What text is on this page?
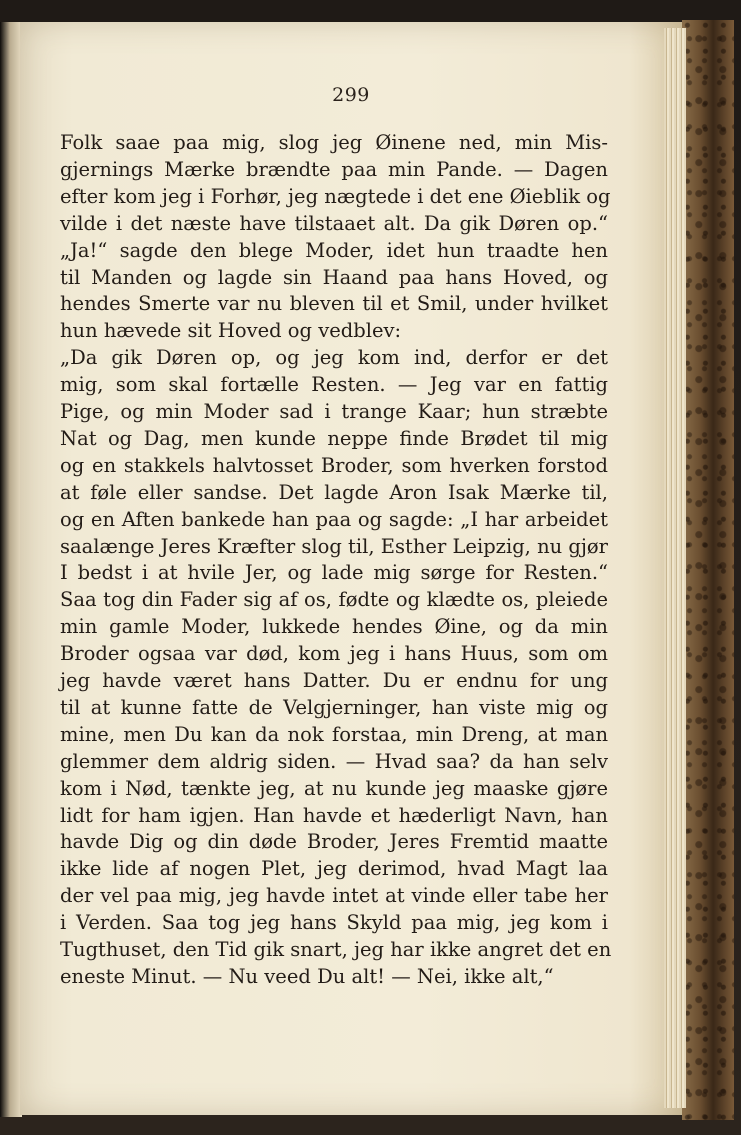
299
Folk saae paa mig, slog jeg Øinene ned, min Mis-
gjernings Mærke brændte paa min Pande. — Dagen
efter kom jeg i Forhør, jeg nægtede i det ene Øieblik og
vilde i det næste have tilstaaet alt. Da gik Døren op.“
„Ja!“ sagde den blege Moder, idet hun traadte hen
til Manden og lagde sin Haand paa hans Hoved, og
hendes Smerte var nu bleven til et Smil, under hvilket
hun hævede sit Hoved og vedblev:
„Da gik Døren op, og jeg kom ind, derfor er det
mig, som skal fortælle Resten. — Jeg var en fattig
Pige, og min Moder sad i trange Kaar; hun stræbte
Nat og Dag, men kunde neppe finde Brødet til mig
og en stakkels halvtosset Broder, som hverken forstod
at føle eller sandse. Det lagde Aron Isak Mærke til,
og en Aften bankede han paa og sagde: „I har arbeidet
saalænge Jeres Kræfter slog til, Esther Leipzig, nu gjør
I bedst i at hvile Jer, og lade mig sørge for Resten.“
Saa tog din Fader sig af os, fødte og klædte os, pleiede
min gamle Moder, lukkede hendes Øine, og da min
Broder ogsaa var død, kom jeg i hans Huus, som om
jeg havde været hans Datter. Du er endnu for ung
til at kunne fatte de Velgjerninger, han viste mig og
mine, men Du kan da nok forstaa, min Dreng, at man
glemmer dem aldrig siden. — Hvad saa? da han selv
kom i Nød, tænkte jeg, at nu kunde jeg maaske gjøre
lidt for ham igjen. Han havde et hæderligt Navn, han
havde Dig og din døde Broder, Jeres Fremtid maatte
ikke lide af nogen Plet, jeg derimod, hvad Magt laa
der vel paa mig, jeg havde intet at vinde eller tabe her
i Verden. Saa tog jeg hans Skyld paa mig, jeg kom i
Tugthuset, den Tid gik snart, jeg har ikke angret det en
eneste Minut. — Nu veed Du alt! — Nei, ikke alt,“
